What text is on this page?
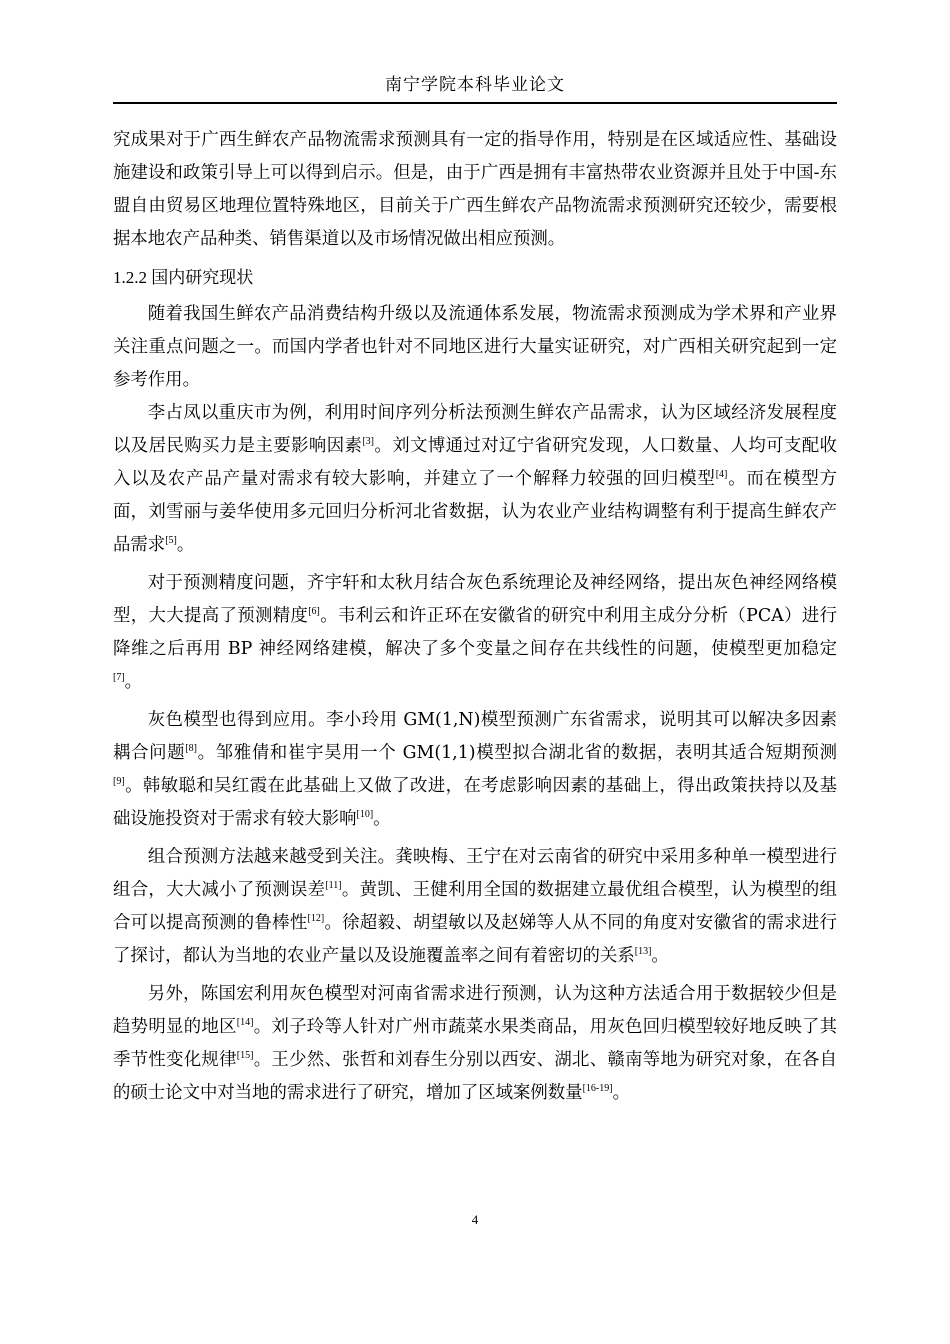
南宁学院本科毕业论文

究成果对于广西生鲜农产品物流需求预测具有一定的指导作用，特别是在区域适应性、基础设施建设和政策引导上可以得到启示。但是，由于广西是拥有丰富热带农业资源并且处于中国-东盟自由贸易区地理位置特殊地区，目前关于广西生鲜农产品物流需求预测研究还较少，需要根据本地农产品种类、销售渠道以及市场情况做出相应预测。

1.2.2 国内研究现状

随着我国生鲜农产品消费结构升级以及流通体系发展，物流需求预测成为学术界和产业界关注重点问题之一。而国内学者也针对不同地区进行大量实证研究，对广西相关研究起到一定参考作用。

李占凤以重庆市为例，利用时间序列分析法预测生鲜农产品需求，认为区域经济发展程度以及居民购买力是主要影响因素[3]。刘文博通过对辽宁省研究发现，人口数量、人均可支配收入以及农产品产量对需求有较大影响，并建立了一个解释力较强的回归模型[4]。而在模型方面，刘雪丽与姜华使用多元回归分析河北省数据，认为农业产业结构调整有利于提高生鲜农产品需求[5]。

对于预测精度问题，齐宇轩和太秋月结合灰色系统理论及神经网络，提出灰色神经网络模型，大大提高了预测精度[6]。韦利云和许正环在安徽省的研究中利用主成分分析（PCA）进行降维之后再用 BP 神经网络建模，解决了多个变量之间存在共线性的问题，使模型更加稳定[7]。

灰色模型也得到应用。李小玲用 GM(1,N)模型预测广东省需求，说明其可以解决多因素耦合问题[8]。邹雅倩和崔宇昊用一个 GM(1,1)模型拟合湖北省的数据，表明其适合短期预测[9]。韩敏聪和吴红霞在此基础上又做了改进，在考虑影响因素的基础上，得出政策扶持以及基础设施投资对于需求有较大影响[10]。

组合预测方法越来越受到关注。龚映梅、王宁在对云南省的研究中采用多种单一模型进行组合，大大减小了预测误差[11]。黄凯、王健利用全国的数据建立最优组合模型，认为模型的组合可以提高预测的鲁棒性[12]。徐超毅、胡望敏以及赵娣等人从不同的角度对安徽省的需求进行了探讨，都认为当地的农业产量以及设施覆盖率之间有着密切的关系[13]。

另外，陈国宏利用灰色模型对河南省需求进行预测，认为这种方法适合用于数据较少但是趋势明显的地区[14]。刘子玲等人针对广州市蔬菜水果类商品，用灰色回归模型较好地反映了其季节性变化规律[15]。王少然、张哲和刘春生分别以西安、湖北、赣南等地为研究对象，在各自的硕士论文中对当地的需求进行了研究，增加了区域案例数量[16-19]。

4
